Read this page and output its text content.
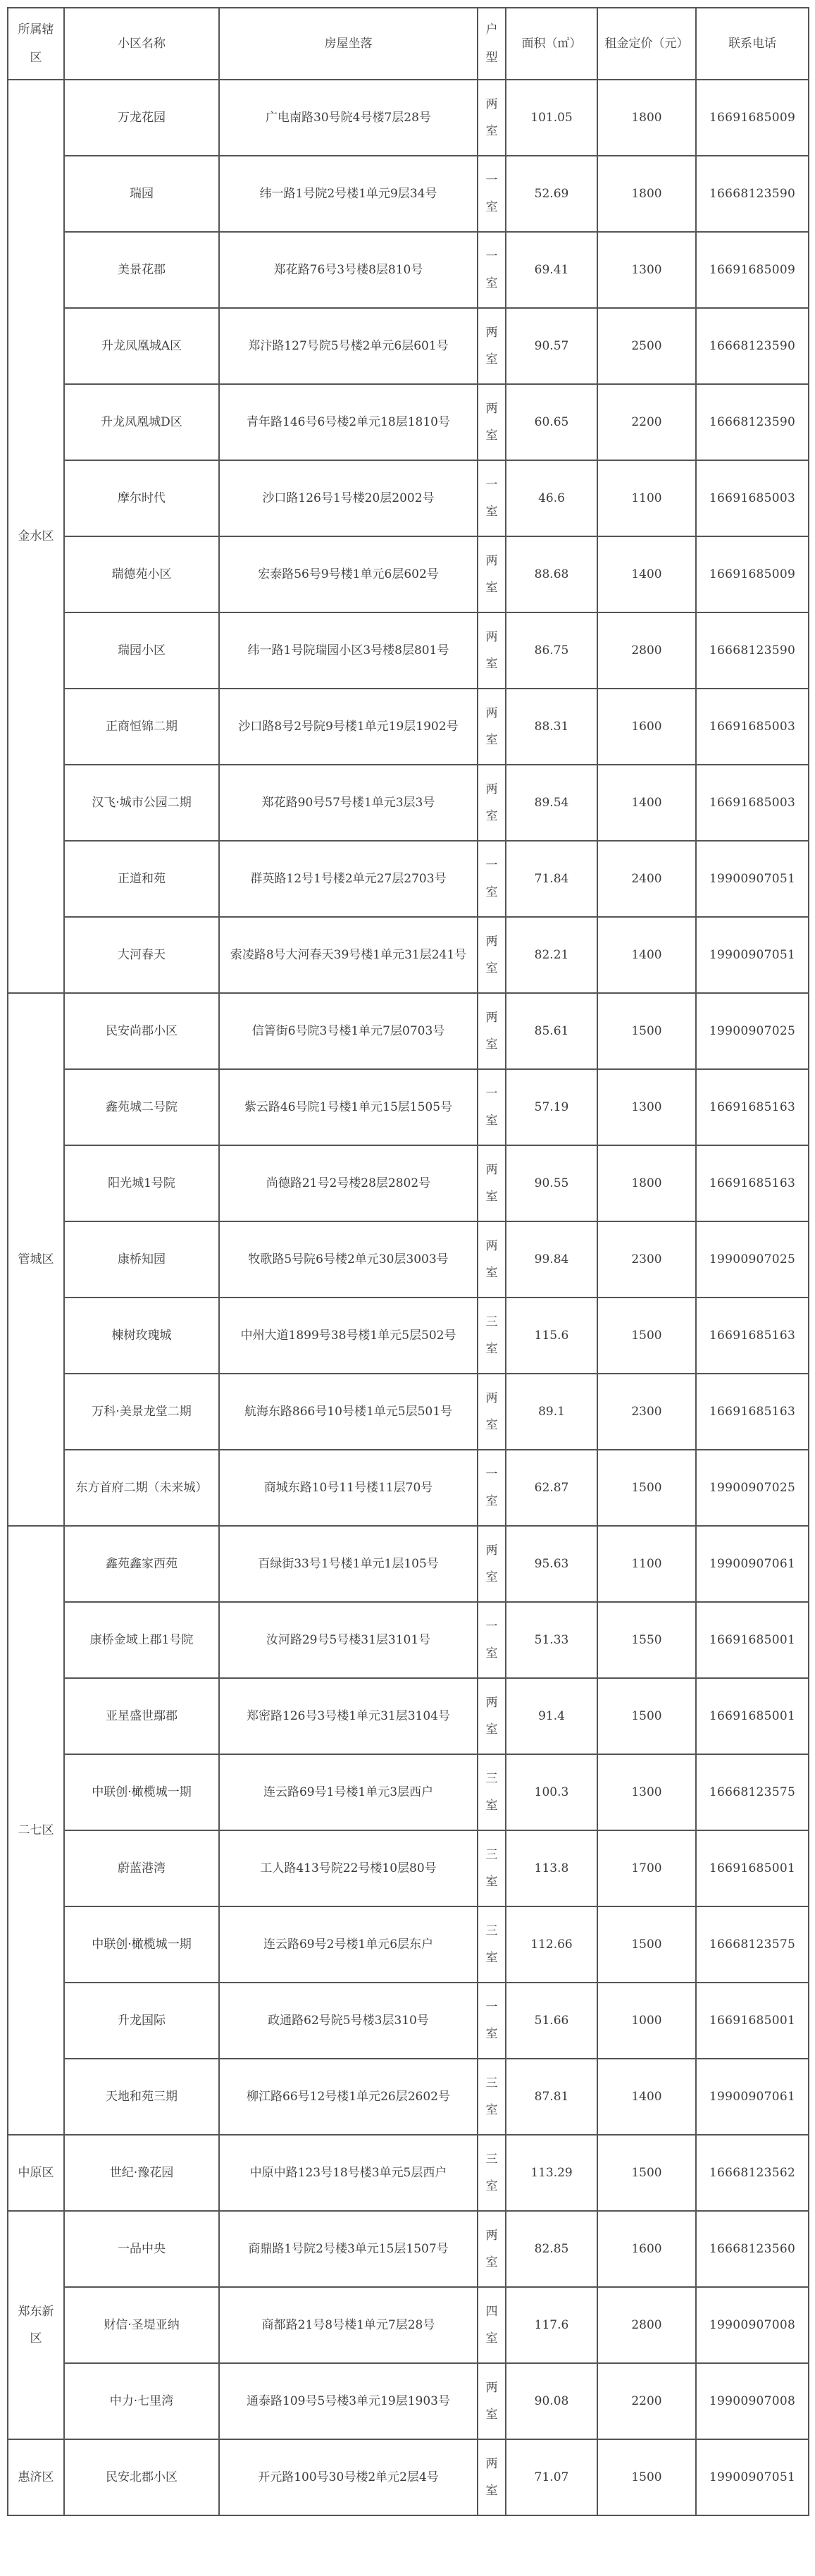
所属辖区	小区名称	房屋坐落	户型	面积（㎡）	租金定价（元）	联系电话
金水区	万龙花园	广电南路30号院4号楼7层28号	两室	101.05	1800	16691685009
	瑞园	纬一路1号院2号楼1单元9层34号	一室	52.69	1800	16668123590
	美景花郡	郑花路76号3号楼8层810号	一室	69.41	1300	16691685009
	升龙凤凰城A区	郑汴路127号院5号楼2单元6层601号	两室	90.57	2500	16668123590
	升龙凤凰城D区	青年路146号6号楼2单元18层1810号	两室	60.65	2200	16668123590
	摩尔时代	沙口路126号1号楼20层2002号	一室	46.6	1100	16691685003
	瑞德苑小区	宏泰路56号9号楼1单元6层602号	两室	88.68	1400	16691685009
	瑞园小区	纬一路1号院瑞园小区3号楼8层801号	两室	86.75	2800	16668123590
	正商恒锦二期	沙口路8号2号院9号楼1单元19层1902号	两室	88.31	1600	16691685003
	汉飞·城市公园二期	郑花路90号57号楼1单元3层3号	两室	89.54	1400	16691685003
	正道和苑	群英路12号1号楼2单元27层2703号	一室	71.84	2400	19900907051
	大河春天	索凌路8号大河春天39号楼1单元31层241号	两室	82.21	1400	19900907051
管城区	民安尚郡小区	信箐街6号院3号楼1单元7层0703号	两室	85.61	1500	19900907025
	鑫苑城二号院	紫云路46号院1号楼1单元15层1505号	一室	57.19	1300	16691685163
	阳光城1号院	尚德路21号2号楼28层2802号	两室	90.55	1800	16691685163
	康桥知园	牧歌路5号院6号楼2单元30层3003号	两室	99.84	2300	19900907025
	楝树玫瑰城	中州大道1899号38号楼1单元5层502号	三室	115.6	1500	16691685163
	万科·美景龙堂二期	航海东路866号10号楼1单元5层501号	两室	89.1	2300	16691685163
	东方首府二期（未来城）	商城东路10号11号楼11层70号	一室	62.87	1500	19900907025
二七区	鑫苑鑫家西苑	百绿街33号1号楼1单元1层105号	两室	95.63	1100	19900907061
	康桥金域上郡1号院	汝河路29号5号楼31层3101号	一室	51.33	1550	16691685001
	亚星盛世鄢郡	郑密路126号3号楼1单元31层3104号	两室	91.4	1500	16691685001
	中联创·橄榄城一期	连云路69号1号楼1单元3层西户	三室	100.3	1300	16668123575
	蔚蓝港湾	工人路413号院22号楼10层80号	三室	113.8	1700	16691685001
	中联创·橄榄城一期	连云路69号2号楼1单元6层东户	三室	112.66	1500	16668123575
	升龙国际	政通路62号院5号楼3层310号	一室	51.66	1000	16691685001
	天地和苑三期	柳江路66号12号楼1单元26层2602号	三室	87.81	1400	19900907061
中原区	世纪·豫花园	中原中路123号18号楼3单元5层西户	三室	113.29	1500	16668123562
郑东新区	一品中央	商鼎路1号院2号楼3单元15层1507号	两室	82.85	1600	16668123560
	财信·圣堤亚纳	商都路21号8号楼1单元7层28号	四室	117.6	2800	19900907008
	中力·七里湾	通泰路109号5号楼3单元19层1903号	两室	90.08	2200	19900907008
惠济区	民安北郡小区	开元路100号30号楼2单元2层4号	两室	71.07	1500	19900907051
